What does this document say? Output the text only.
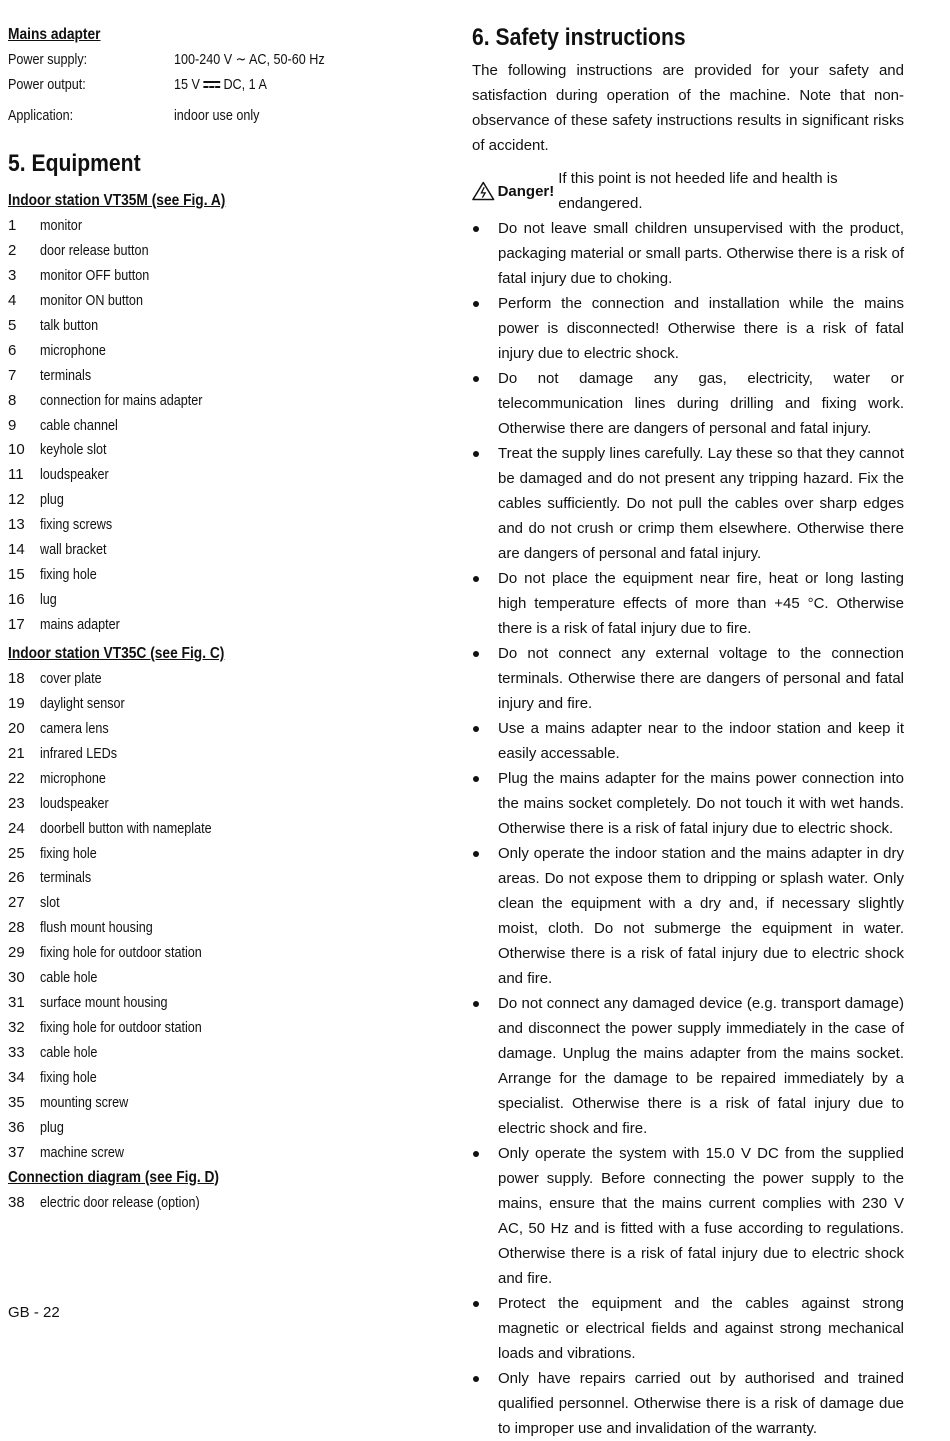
Mains adapter
Power supply:	100-240 V ∼ AC, 50-60 Hz
Power output:	15 V DC, 1 A
Application:	indoor use only
5. Equipment
Indoor station VT35M (see Fig. A)
1	monitor
2	door release button
3	monitor OFF button
4	monitor ON button
5	talk button
6	microphone
7	terminals
8	connection for mains adapter
9	cable channel
10	keyhole slot
11	loudspeaker
12	plug
13	fixing screws
14	wall bracket
15	fixing hole
16	lug
17	mains adapter
Indoor station VT35C (see Fig. C)
18	cover plate
19	daylight sensor
20	camera lens
21	infrared LEDs
22	microphone
23	loudspeaker
24	doorbell button with nameplate
25	fixing hole
26	terminals
27	slot
28	flush mount housing
29	fixing hole for outdoor station
30	cable hole
31	surface mount housing
32	fixing hole for outdoor station
33	cable hole
34	fixing hole
35	mounting screw
36	plug
37	machine screw
Connection diagram (see Fig. D)
38	electric door release (option)
6. Safety instructions

The following instructions are provided for your safety and satisfaction during operation of the machine. Note that non-observance of these safety instructions results in significant risks of accident.

Danger!
If this point is not heeded life and health is endangered.
Do not leave small children unsupervised with the product, packaging material or small parts. Otherwise there is a risk of fatal injury due to choking.
Perform the connection and installation while the mains power is disconnected! Otherwise there is a risk of fatal injury due to electric shock.
Do not damage any gas, electricity, water or telecommunication lines during drilling and fixing work. Otherwise there are dangers of personal and fatal injury.
Treat the supply lines carefully. Lay these so that they cannot be damaged and do not present any tripping hazard. Fix the cables sufficiently. Do not pull the cables over sharp edges and do not crush or crimp them elsewhere. Otherwise there are dangers of personal and fatal injury.
Do not place the equipment near fire, heat or long lasting high temperature effects of more than +45 °C. Otherwise there is a risk of fatal injury due to fire.
Do not connect any external voltage to the connection terminals. Otherwise there are dangers of personal and fatal injury and fire.
Use a mains adapter near to the indoor station and keep it easily accessable.
Plug the mains adapter for the mains power connection into the mains socket completely. Do not touch it with wet hands. Otherwise there is a risk of fatal injury due to electric shock.
Only operate the indoor station and the mains adapter in dry areas. Do not expose them to dripping or splash water. Only clean the equipment with a dry and, if necessary slightly moist, cloth. Do not submerge the equipment in water. Otherwise there is a risk of fatal injury due to electric shock and fire.
Do not connect any damaged device (e.g. transport damage) and disconnect the power supply immediately in the case of damage. Unplug the mains adapter from the mains socket. Arrange for the damage to be repaired immediately by a specialist. Otherwise there is a risk of fatal injury due to electric shock and fire.
Only operate the system with 15.0 V DC from the supplied power supply. Before connecting the power supply to the mains, ensure that the mains current complies with 230 V AC, 50 Hz and is fitted with a fuse according to regulations. Otherwise there is a risk of fatal injury due to electric shock and fire.
Protect the equipment and the cables against strong magnetic or electrical fields and against strong mechanical loads and vibrations.
Only have repairs carried out by authorised and trained qualified personnel. Otherwise there is a risk of damage due to improper use and invalidation of the warranty.
GB - 22
